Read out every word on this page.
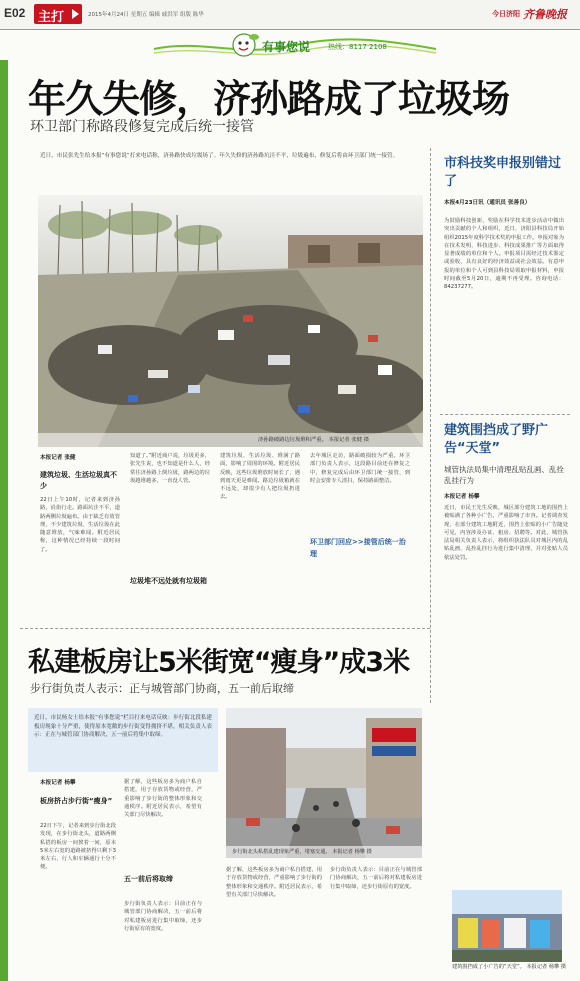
E02 主打	2015年4月24日 星期五 编辑 戚洪军 组版 陈华	今日济阳 齐鲁晚报
有事您说	热线：8117 2108
年久失修，济孙路成了垃圾场
环卫部门称路段修复完成后统一接管
近日，市民张先生给本报“有事您说”打来电话称，济孙路快成垃圾场了。年久失修的济孙路坑洼不平，垃圾遍布，修复后将由环卫部门统一接管。
济孙路破路边垃圾堆积严重。 本报记者 张健 摄
本报记者 张健
建筑垃圾、生活垃圾真不少
22日上午10时，记者来到济孙路，沿街行走。路面坑洼不平，道路两侧垃圾遍布。由于缺乏有效管理，不少建筑垃圾、生活垃圾在此随意堆放，气味难闻。附近居民称，这种情况已经持续一段时间了。
知道了。”附近商户说，垃圾更多，张先生说，也不知道是什么人，经常往济孙路上倒垃圾，路两边的垃圾越堆越多，一直没人管。
垃圾堆不远处就有垃圾箱
建筑垃圾、生活垃圾、堆满了路面，影响了周围的环境。附近居民反映，这些垃圾堆放时间长了，遇到雨天更是难闻。路边垃圾箱就在不远处，却很少有人把垃圾扔进去。
去年城区走访，路面破损较为严重。环卫部门负责人表示，这段路目前还在修复之中，修复完成后由环卫部门统一接管，到时会安排专人清扫，保持路面整洁。
环卫部门回应>>接管后统一治理
市科技奖申报别错过了
本报4月23日讯（通讯员 张善良）
为鼓励科技创新，奖励在科学技术进步活动中做出突出贡献的个人和组织，近日，济阳县科技局开始组织2015年度科学技术奖的申报工作。申报对象为在技术发明、科技进步、科技成果推广等方面取得显著成绩的单位和个人。申报项目需经过技术鉴定或验收，具有良好的经济效益或社会效益。有意申报的单位和个人可到县科技局领取申报材料，申报时间截至5月20日，逾期不再受理。咨询电话：84237277。
建筑围挡成了野广告“天堂”
城管执法局集中清理乱贴乱画、乱拴乱挂行为
本报记者 杨攀
近日，市民王先生反映，城区部分建筑工地的围挡上被贴满了各种小广告，严重影响了市容。记者调查发现，在部分建筑工地附近，围挡上张贴的小广告随处可见，内容涉及办证、租房、招聘等。对此，城管执法局相关负责人表示，将组织执法队员对城区内的乱贴乱画、乱拴乱挂行为进行集中清理，并对张贴人员依法处罚。
建筑围挡成了小广告的“天堂”。 本报记者 杨攀 摄
私建板房让5米街宽“瘦身”成3米
步行街负责人表示：正与城管部门协商，五一前后取缔
近日，市民杨女士给本报“有事您说”栏目打来电话反映：步行街北段私建板房现象十分严重，使得原本宽敞的步行街变得拥挤不堪。相关负责人表示：正在与城管部门协商解决，五一前后将集中取缔。
本报记者 杨攀
板房挤占步行街“瘦身”
22日下午，记者来到步行街北段发现，在步行街北头，道路两侧私搭的板房一间挨着一间，原本5米左右宽的道路被挤得只剩下3米左右，行人和车辆通行十分不便。
据了解，这些板房多为商户私自搭建，用于存放货物或经营，严重影响了步行街的整体形象和交通秩序。附近居民表示，希望有关部门尽快解决。
五一前后将取缔
步行街负责人表示：目前正在与城管部门协商解决，五一前后将对私建板房进行集中取缔，还步行街原有的宽度。
步行街北头私搭乱建现象严重，堵塞交通。 本报记者 杨攀 摄
据了解，这些板房多为商户私自搭建，用于存放货物或经营，严重影响了步行街的整体形象和交通秩序。附近居民表示，希望有关部门尽快解决。
步行街负责人表示：目前正在与城管部门协商解决，五一前后将对私建板房进行集中取缔，还步行街原有的宽度。
